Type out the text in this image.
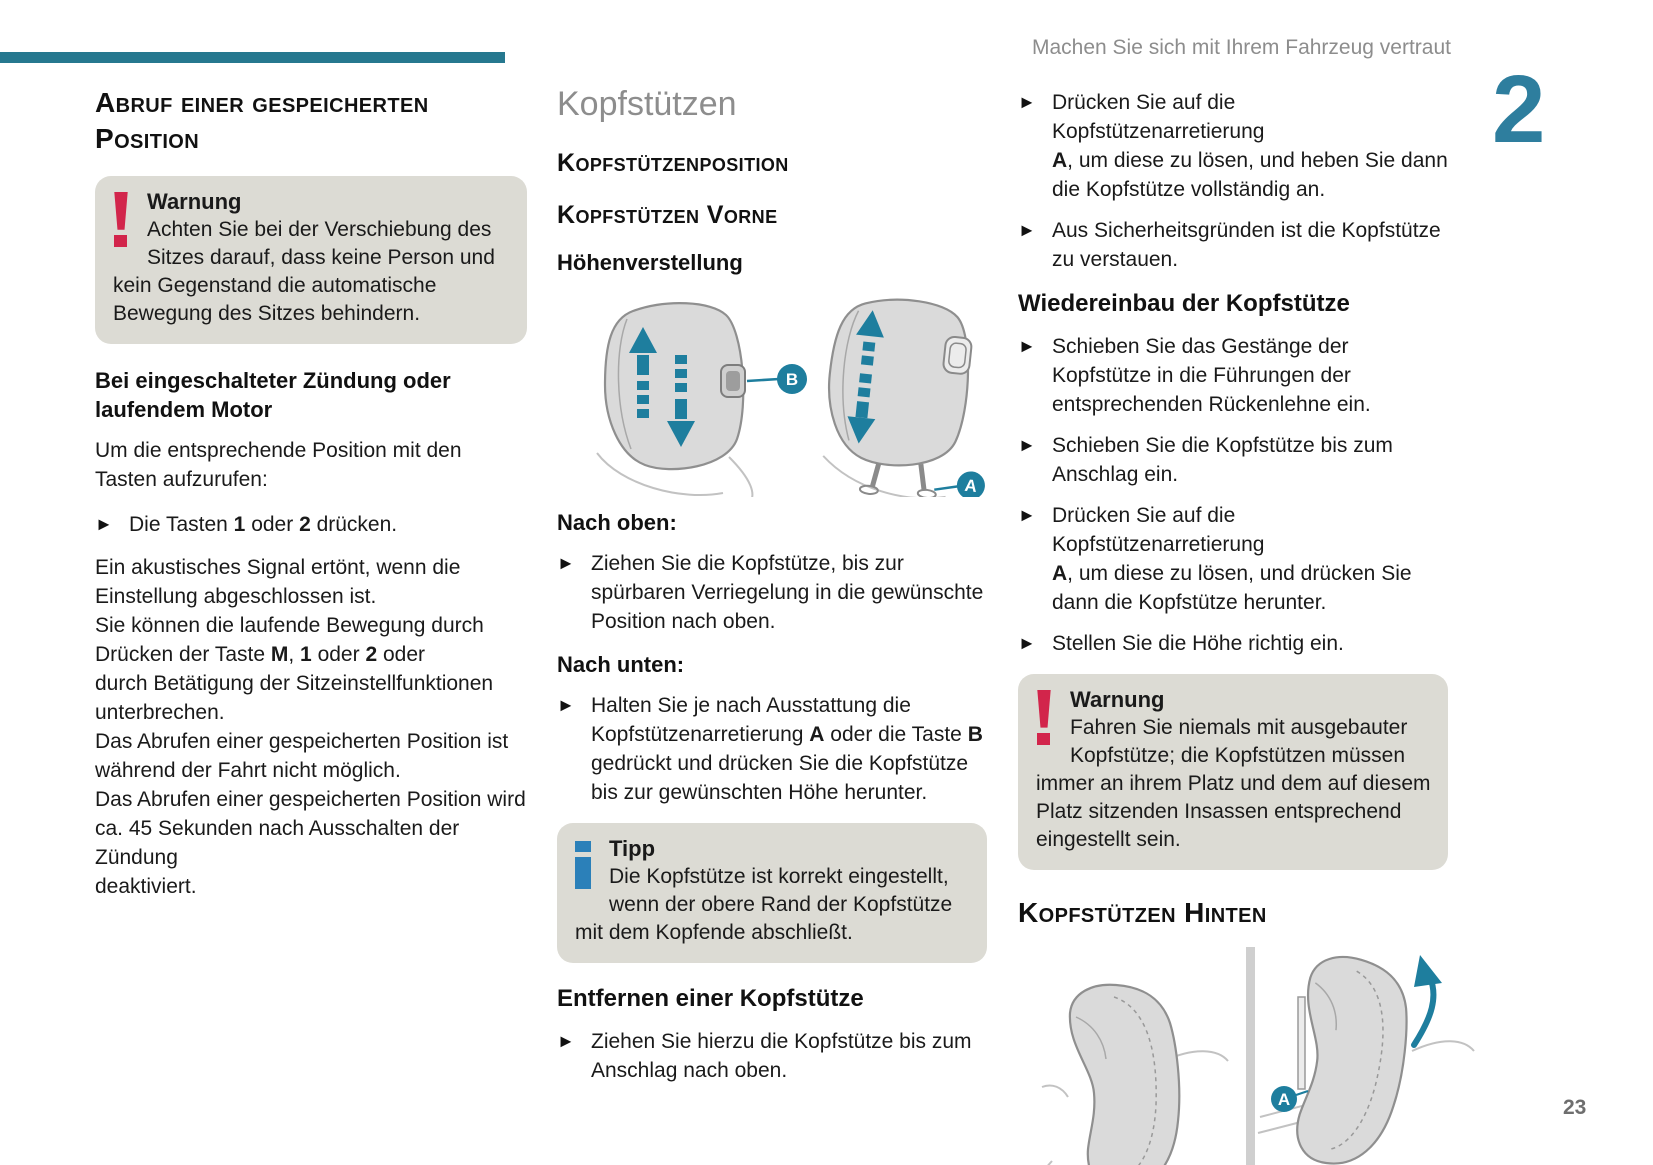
Machen Sie sich mit Ihrem Fahrzeug vertraut
2
Abruf einer gespeicherten Position
Warnung
Achten Sie bei der Verschiebung des Sitzes darauf, dass keine Person und kein Gegenstand die automatische Bewegung des Sitzes behindern.
Bei eingeschalteter Zündung oder laufendem Motor

Um die entsprechende Position mit den Tasten aufzurufen:

► Die Tasten 1 oder 2 drücken.

Ein akustisches Signal ertönt, wenn die
Einstellung abgeschlossen ist.
Sie können die laufende Bewegung durch
Drücken der Taste M, 1 oder 2 oder
durch Betätigung der Sitzeinstellfunktionen
unterbrechen.
Das Abrufen einer gespeicherten Position ist
während der Fahrt nicht möglich.
Das Abrufen einer gespeicherten Position wird
ca. 45 Sekunden nach Ausschalten der Zündung
deaktiviert.

Kopfstützen
Kopfstützenposition
Kopfstützen Vorne
Höhenverstellung
B
A
Nach oben:
► Ziehen Sie die Kopfstütze, bis zur spürbaren Verriegelung in die gewünschte Position nach oben.
Nach unten:
► Halten Sie je nach Ausstattung die Kopfstützenarretierung A oder die Taste B gedrückt und drücken Sie die Kopfstütze bis zur gewünschten Höhe herunter.
Tipp
Die Kopfstütze ist korrekt eingestellt, wenn der obere Rand der Kopfstütze mit dem Kopfende abschließt.
Entfernen einer Kopfstütze
► Ziehen Sie hierzu die Kopfstütze bis zum Anschlag nach oben.
► Drücken Sie auf die Kopfstützenarretierung
A, um diese zu lösen, und heben Sie dann die Kopfstütze vollständig an.
► Aus Sicherheitsgründen ist die Kopfstütze zu verstauen.
Wiedereinbau der Kopfstütze
► Schieben Sie das Gestänge der Kopfstütze in die Führungen der entsprechenden Rückenlehne ein.
► Schieben Sie die Kopfstütze bis zum Anschlag ein.
► Drücken Sie auf die Kopfstützenarretierung
A, um diese zu lösen, und drücken Sie dann die Kopfstütze herunter.
► Stellen Sie die Höhe richtig ein.
Warnung
Fahren Sie niemals mit ausgebauter Kopfstütze; die Kopfstützen müssen immer an ihrem Platz und dem auf diesem Platz sitzenden Insassen entsprechend eingestellt sein.
Kopfstützen Hinten
A	23
